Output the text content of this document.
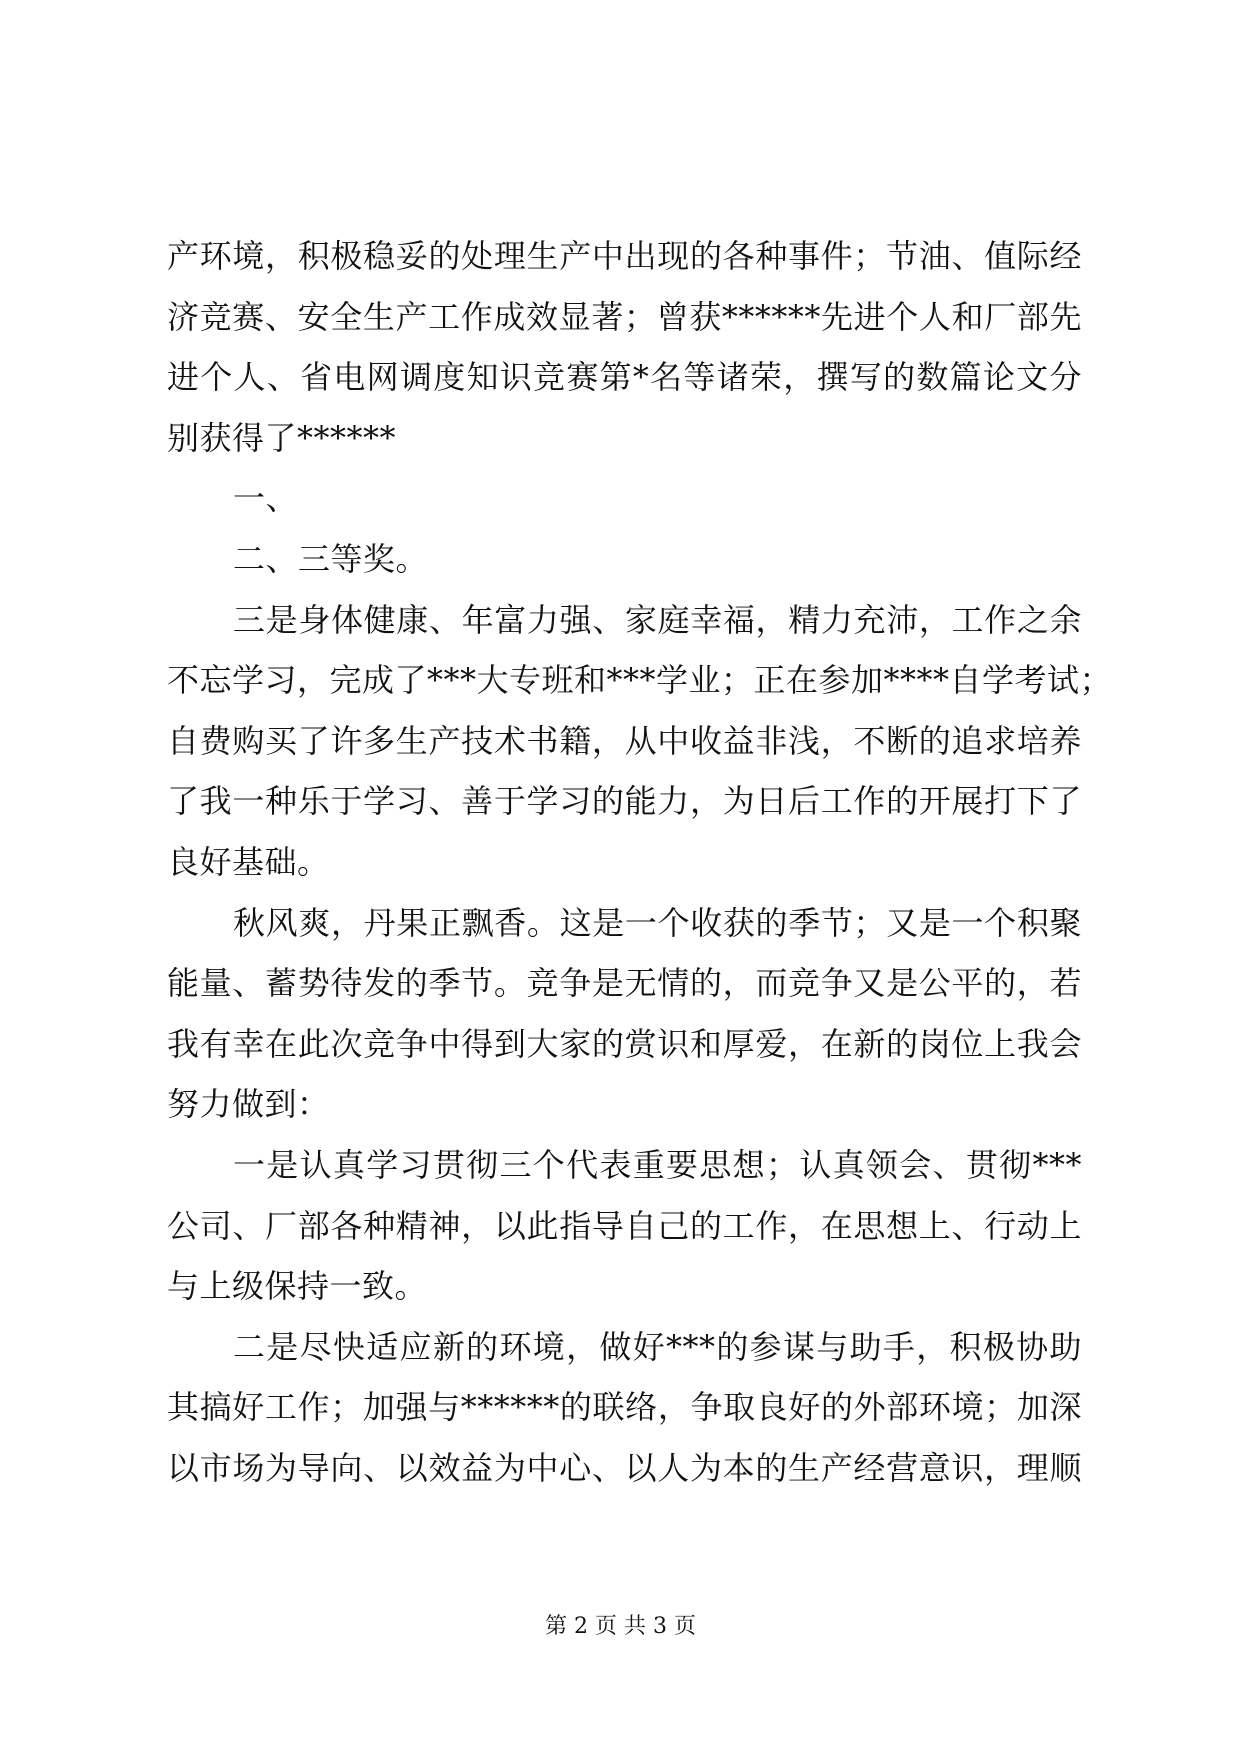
产环境，积极稳妥的处理生产中出现的各种事件；节油、值际经
济竞赛、安全生产工作成效显著；曾获******先进个人和厂部先
进个人、省电网调度知识竞赛第*名等诸荣，撰写的数篇论文分
别获得了******
一、
二、三等奖。
三是身体健康、年富力强、家庭幸福，精力充沛，工作之余
不忘学习，完成了***大专班和***学业；正在参加****自学考试；
自费购买了许多生产技术书籍，从中收益非浅，不断的追求培养
了我一种乐于学习、善于学习的能力，为日后工作的开展打下了
良好基础。
秋风爽，丹果正飘香。这是一个收获的季节；又是一个积聚
能量、蓄势待发的季节。竞争是无情的，而竞争又是公平的，若
我有幸在此次竞争中得到大家的赏识和厚爱，在新的岗位上我会
努力做到：
一是认真学习贯彻三个代表重要思想；认真领会、贯彻***
公司、厂部各种精神，以此指导自己的工作，在思想上、行动上
与上级保持一致。
二是尽快适应新的环境，做好***的参谋与助手，积极协助
其搞好工作；加强与******的联络，争取良好的外部环境；加深
以市场为导向、以效益为中心、以人为本的生产经营意识，理顺
第 2 页 共 3 页
